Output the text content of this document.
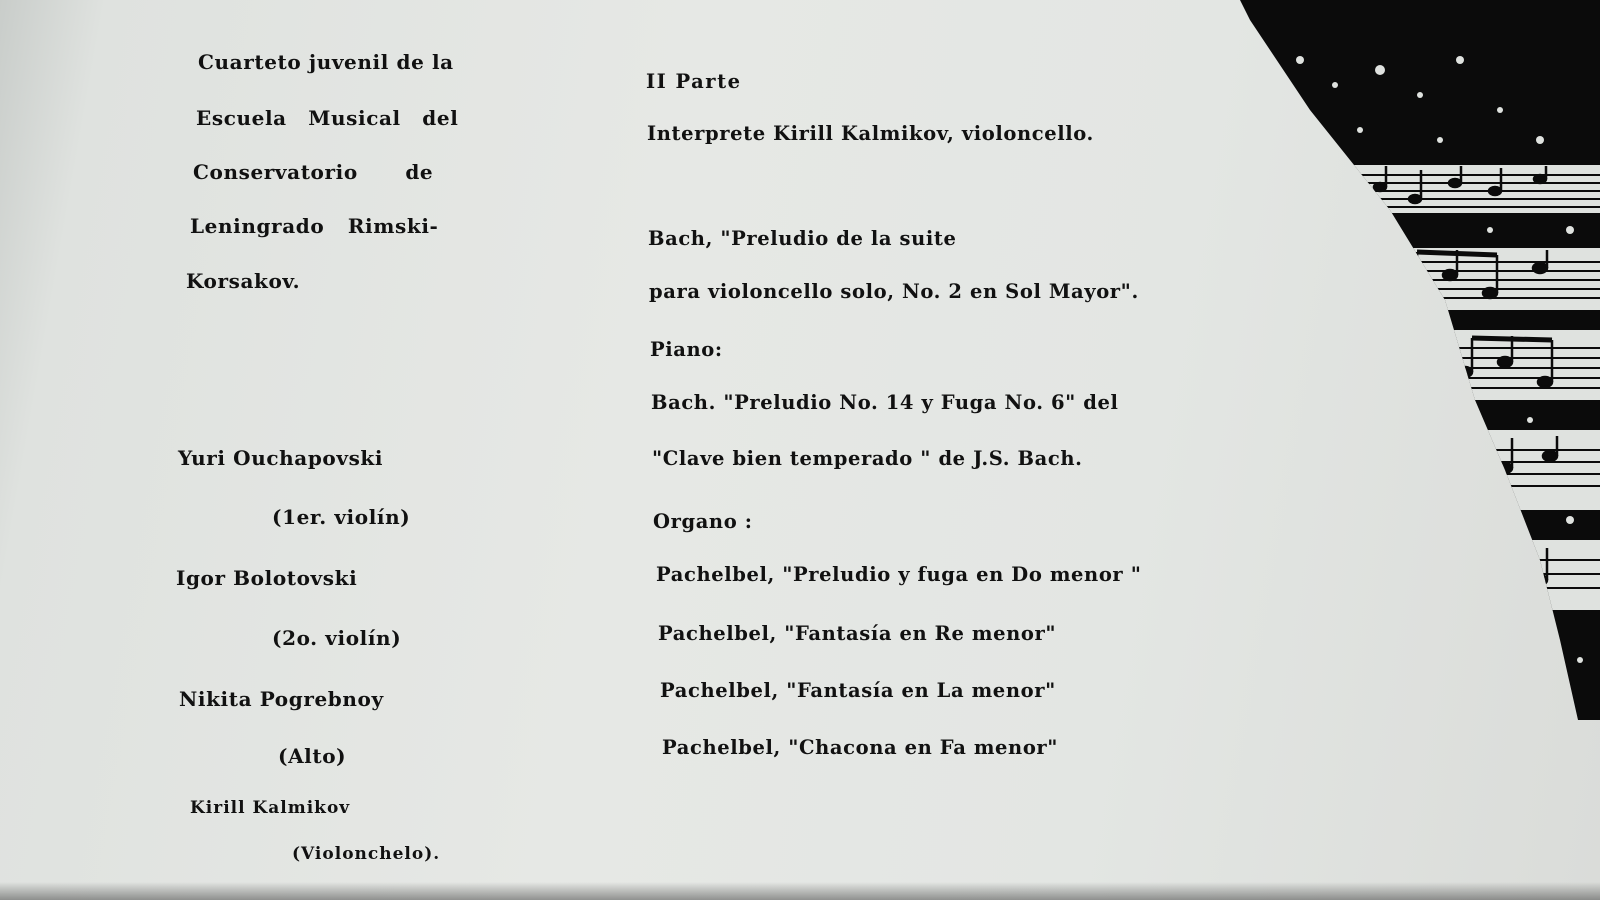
Cuarteto juvenil de la
Escuela Musical del
Conservatorio de
Leningrado Rimski-
Korsakov.
Yuri Ouchapovski
(1er. violín)
Igor Bolotovski
(2o. violín)
Nikita Pogrebnoy
(Alto)
Kirill Kalmikov
(Violonchelo).
II Parte
Interprete Kirill Kalmikov, violoncello.
Bach, "Preludio de la suite
para violoncello solo, No. 2 en Sol Mayor".
Piano:
Bach. "Preludio No. 14 y Fuga No. 6" del
"Clave bien temperado " de J.S. Bach.
Organo :
Pachelbel, "Preludio y fuga en Do menor "
Pachelbel, "Fantasía en Re menor"
Pachelbel, "Fantasía en La menor"
Pachelbel, "Chacona en Fa menor"
